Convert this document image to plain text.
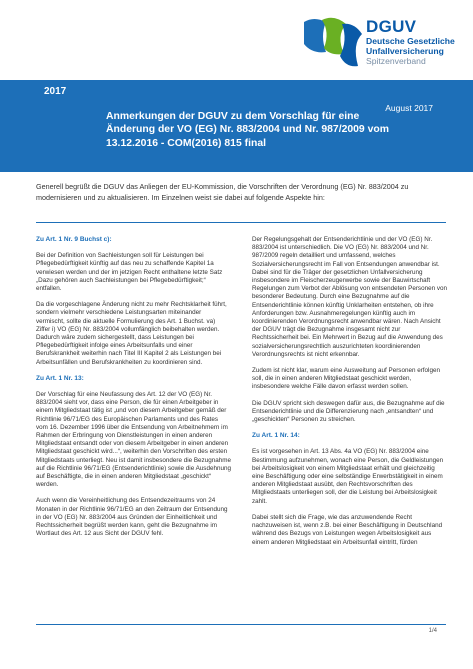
DGUV
Deutsche Gesetzliche
Unfallversicherung
Spitzenverband
2017
August 2017
Anmerkungen der DGUV zu dem Vorschlag für eine Änderung der VO (EG) Nr. 883/2004 und Nr. 987/2009 vom 13.12.2016 - COM(2016) 815 final
Generell begrüßt die DGUV das Anliegen der EU-Kommission, die Vorschriften der Verordnung (EG) Nr. 883/2004 zu modernisieren und zu aktualisieren. Im Einzelnen weist sie dabei auf folgende Aspekte hin:
Zu Art. 1 Nr. 9 Buchst c):

Bei der Definition von Sachleistungen soll für Leistungen bei Pflegebedürftigkeit künftig auf das neu zu schaffende Kapitel 1a verwiesen werden und der im jetzigen Recht enthaltene letzte Satz „Dazu gehören auch Sachleistungen bei Pflegebedürftigkeit;“ entfallen.

Da die vorgeschlagene Änderung nicht zu mehr Rechtsklarheit führt, sondern vielmehr verschiedene Leistungsarten miteinander vermischt, sollte die aktuelle Formulierung des Art. 1 Buchst. va) Ziffer i) VO (EG) Nr. 883/2004 vollumfänglich beibehalten werden. Dadurch wäre zudem sichergestellt, dass Leistungen bei Pflegebedürftigkeit infolge eines Arbeitsunfalls und einer Berufskrankheit weiterhin nach Titel III Kapitel 2 als Leistungen bei Arbeitsunfällen und Berufskrankheiten zu koordinieren sind.

Zu Art. 1 Nr. 13:

Der Vorschlag für eine Neufassung des Art. 12 der VO (EG) Nr. 883/2004 sieht vor, dass eine Person, die für einen Arbeitgeber in einem Mitgliedstaat tätig ist „und von diesem Arbeitgeber gemäß der Richtlinie 96/71/EG des Europäischen Parlaments und des Rates vom 16. Dezember 1996 über die Entsendung von Arbeitnehmern im Rahmen der Erbringung von Dienstleistungen in einen anderen Mitgliedstaat entsandt oder von diesem Arbeitgeber in einen anderen Mitgliedstaat geschickt wird...“, weiterhin den Vorschriften des ersten Mitgliedstaats unterliegt. Neu ist damit insbesondere die Bezugnahme auf die Richtlinie 96/71/EG (Entsenderichtlinie) sowie die Ausdehnung auf Beschäftigte, die in einen anderen Mitgliedstaat „geschickt“ werden.

Auch wenn die Vereinheitlichung des Entsendezeitraums von 24 Monaten in der Richtlinie 96/71/EG an den Zeitraum der Entsendung in der VO (EG) Nr. 883/2004 aus Gründen der Einheitlichkeit und Rechtssicherheit begrüßt werden kann, geht die Bezugnahme im Wortlaut des Art. 12 aus Sicht der DGUV fehl.

Der Regelungsgehalt der Entsenderichtlinie und der VO (EG) Nr. 883/2004 ist unterschiedlich. Die VO (EG) Nr. 883/2004 und Nr. 987/2009 regeln detailliert und umfassend, welches Sozialversicherungsrecht im Fall von Entsendungen anwendbar ist. Dabei sind für die Träger der gesetzlichen Unfallversicherung insbesondere im Fleischerzeugerwerbe sowie der Bauwirtschaft Regelungen zum Verbot der Ablösung von entsendeten Personen von besonderer Bedeutung. Durch eine Bezugnahme auf die Entsenderichtlinie können künftig Unklarheiten entstehen, ob ihre Anforderungen bzw. Ausnahmeregelungen künftig auch im koordinierenden Verordnungsrecht anwendbar wären. Nach Ansicht der DGUV trägt die Bezugnahme insgesamt nicht zur Rechtssicherheit bei. Ein Mehrwert in Bezug auf die Anwendung des sozialversicherungsrechtlich auszurichteten koordinierenden Verordnungsrechts ist nicht erkennbar.

Zudem ist nicht klar, warum eine Ausweitung auf Personen erfolgen soll, die in einen anderen Mitgliedstaat geschickt werden, insbesondere welche Fälle davon erfasst werden sollen.

Die DGUV spricht sich deswegen dafür aus, die Bezugnahme auf die Entsenderichtlinie und die Differenzierung nach „entsandten“ und „geschickten“ Personen zu streichen.

Zu Art. 1 Nr. 14:

Es ist vorgesehen in Art. 13 Abs. 4a VO (EG) Nr. 883/2004 eine Bestimmung aufzunehmen, wonach eine Person, die Geldleistungen bei Arbeitslosigkeit von einem Mitgliedstaat erhält und gleichzeitig eine Beschäftigung oder eine selbständige Erwerbstätigkeit in einem anderen Mitgliedstaat ausübt, den Rechtsvorschriften des Mitgliedstaats unterliegen soll, der die Leistung bei Arbeitslosigkeit zahlt.

Dabei stellt sich die Frage, wie das anzuwendende Recht nachzuweisen ist, wenn z.B. bei einer Beschäftigung in Deutschland während des Bezugs von Leistungen wegen Arbeitslosigkeit aus einem anderen Mitgliedstaat ein Arbeitsunfall eintritt, fürden

1/4
